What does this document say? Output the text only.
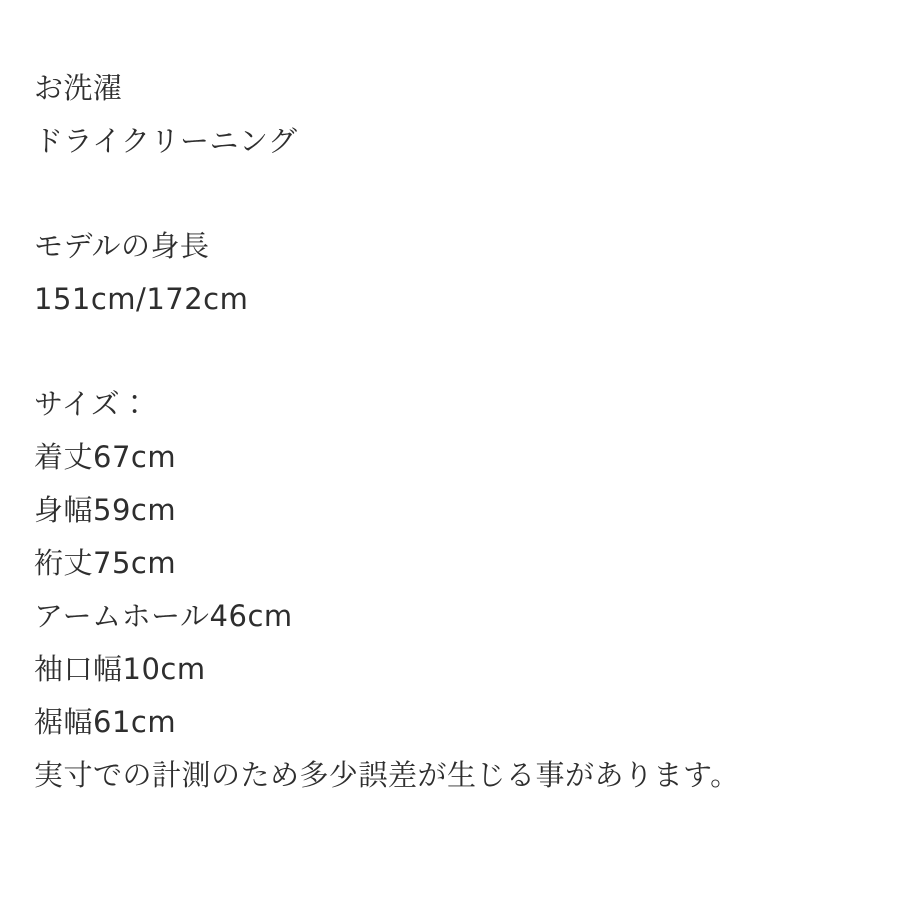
お洗濯
ドライクリーニング
モデルの身長
151cm/172cm
サイズ：
着丈67cm
身幅59cm
裄丈75cm
アームホール46cm
袖口幅10cm
裾幅61cm
実寸での計測のため多少誤差が生じる事があります。
